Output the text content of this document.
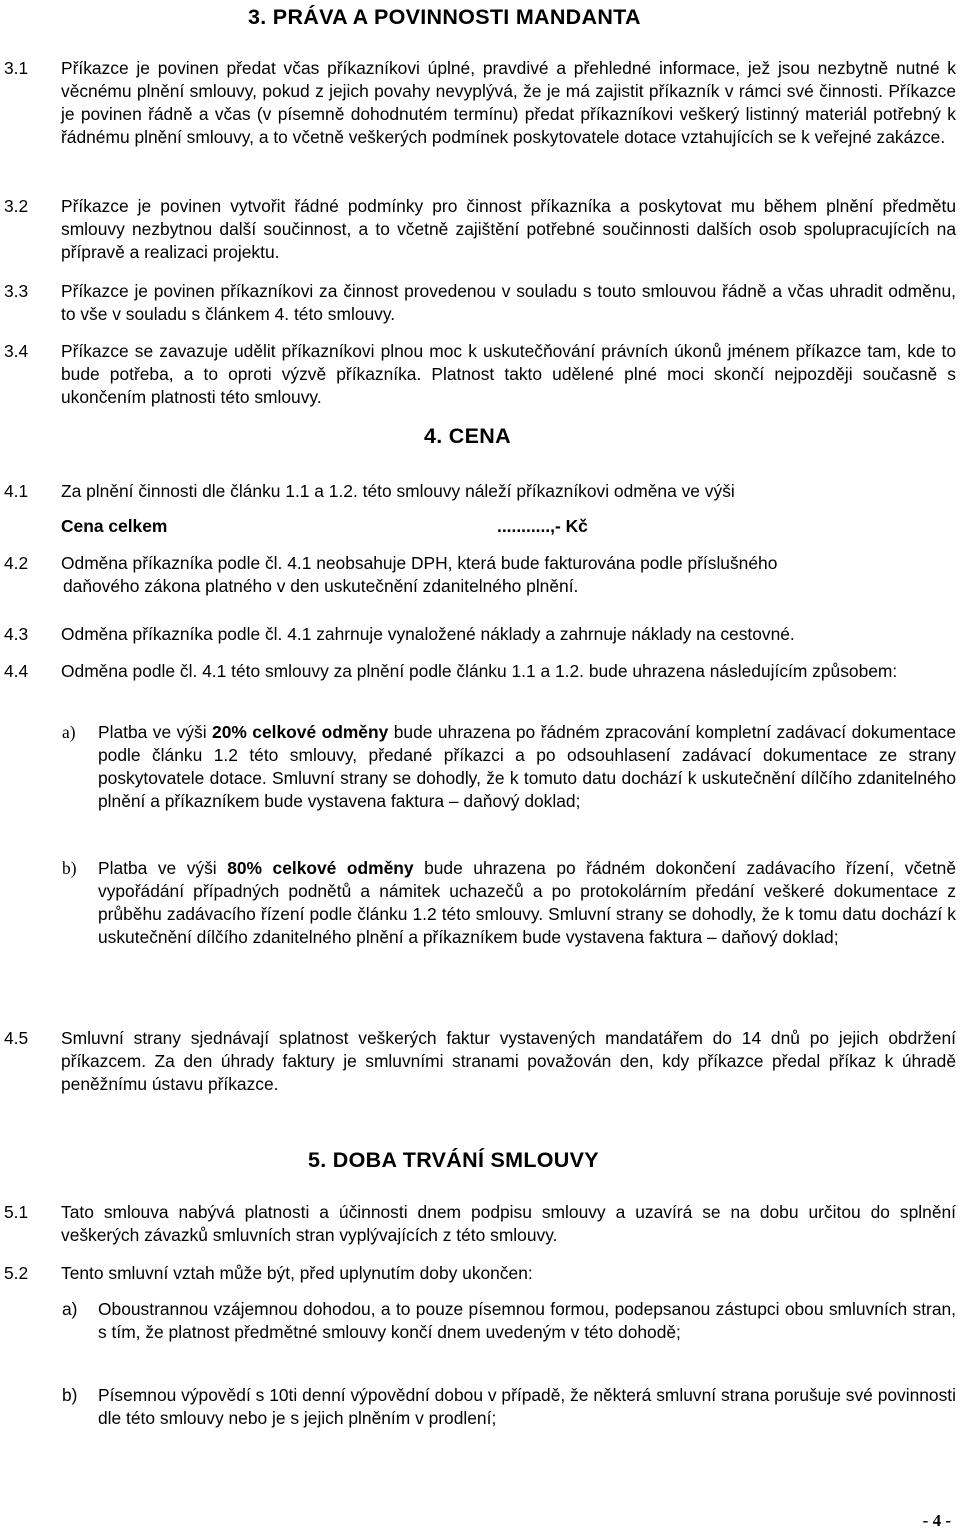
3. PRÁVA A POVINNOSTI MANDANTA
3.1 Příkazce je povinen předat včas příkazníkovi úplné, pravdivé a přehledné informace, jež jsou nezbytně nutné k věcnému plnění smlouvy, pokud z jejich povahy nevyplývá, že je má zajistit příkazník v rámci své činnosti. Příkazce je povinen řádně a včas (v písemně dohodnutém termínu) předat příkazníkovi veškerý listinný materiál potřebný k řádnému plnění smlouvy, a to včetně veškerých podmínek poskytovatele dotace vztahujících se k veřejné zakázce.
3.2 Příkazce je povinen vytvořit řádné podmínky pro činnost příkazníka a poskytovat mu během plnění předmětu smlouvy nezbytnou další součinnost, a to včetně zajištění potřebné součinnosti dalších osob spolupracujících na přípravě a realizaci projektu.
3.3 Příkazce je povinen příkazníkovi za činnost provedenou v souladu s touto smlouvou řádně a včas uhradit odměnu, to vše v souladu s článkem 4. této smlouvy.
3.4 Příkazce se zavazuje udělit příkazníkovi plnou moc k uskutečňování právních úkonů jménem příkazce tam, kde to bude potřeba, a to oproti výzvě příkazníka. Platnost takto udělené plné moci skončí nejpozději současně s ukončením platnosti této smlouvy.
4. CENA
4.1 Za plnění činnosti dle článku 1.1 a 1.2. této smlouvy náleží příkazníkovi odměna ve výši
Cena celkem	...........,- Kč
4.2 Odměna příkazníka podle čl. 4.1 neobsahuje DPH, která bude fakturována podle příslušného
daňového zákona platného v den uskutečnění zdanitelného plnění.
4.3 Odměna příkazníka podle čl. 4.1 zahrnuje vynaložené náklady a zahrnuje náklady na cestovné.
4.4 Odměna podle čl. 4.1 této smlouvy za plnění podle článku 1.1 a 1.2. bude uhrazena následujícím způsobem:
a) Platba ve výši 20% celkové odměny bude uhrazena po řádném zpracování kompletní zadávací dokumentace podle článku 1.2 této smlouvy, předané příkazci a po odsouhlasení zadávací dokumentace ze strany poskytovatele dotace. Smluvní strany se dohodly, že k tomuto datu dochází k uskutečnění dílčího zdanitelného plnění a příkazníkem bude vystavena faktura – daňový doklad;
b) Platba ve výši 80% celkové odměny bude uhrazena po řádném dokončení zadávacího řízení, včetně vypořádání případných podnětů a námitek uchazečů a po protokolárním předání veškeré dokumentace z průběhu zadávacího řízení podle článku 1.2 této smlouvy. Smluvní strany se dohodly, že k tomu datu dochází k uskutečnění dílčího zdanitelného plnění a příkazníkem bude vystavena faktura – daňový doklad;
4.5 Smluvní strany sjednávají splatnost veškerých faktur vystavených mandatářem do 14 dnů po jejich obdržení příkazcem. Za den úhrady faktury je smluvními stranami považován den, kdy příkazce předal příkaz k úhradě peněžnímu ústavu příkazce.
5. DOBA TRVÁNÍ SMLOUVY
5.1 Tato smlouva nabývá platnosti a účinnosti dnem podpisu smlouvy a uzavírá se na dobu určitou do splnění veškerých závazků smluvních stran vyplývajících z této smlouvy.
5.2 Tento smluvní vztah může být, před uplynutím doby ukončen:
a) Oboustrannou vzájemnou dohodou, a to pouze písemnou formou, podepsanou zástupci obou smluvních stran, s tím, že platnost předmětné smlouvy končí dnem uvedeným v této dohodě;
b) Písemnou výpovědí s 10ti denní výpovědní dobou v případě, že některá smluvní strana porušuje své povinnosti dle této smlouvy nebo je s jejich plněním v prodlení;
- 4 -
